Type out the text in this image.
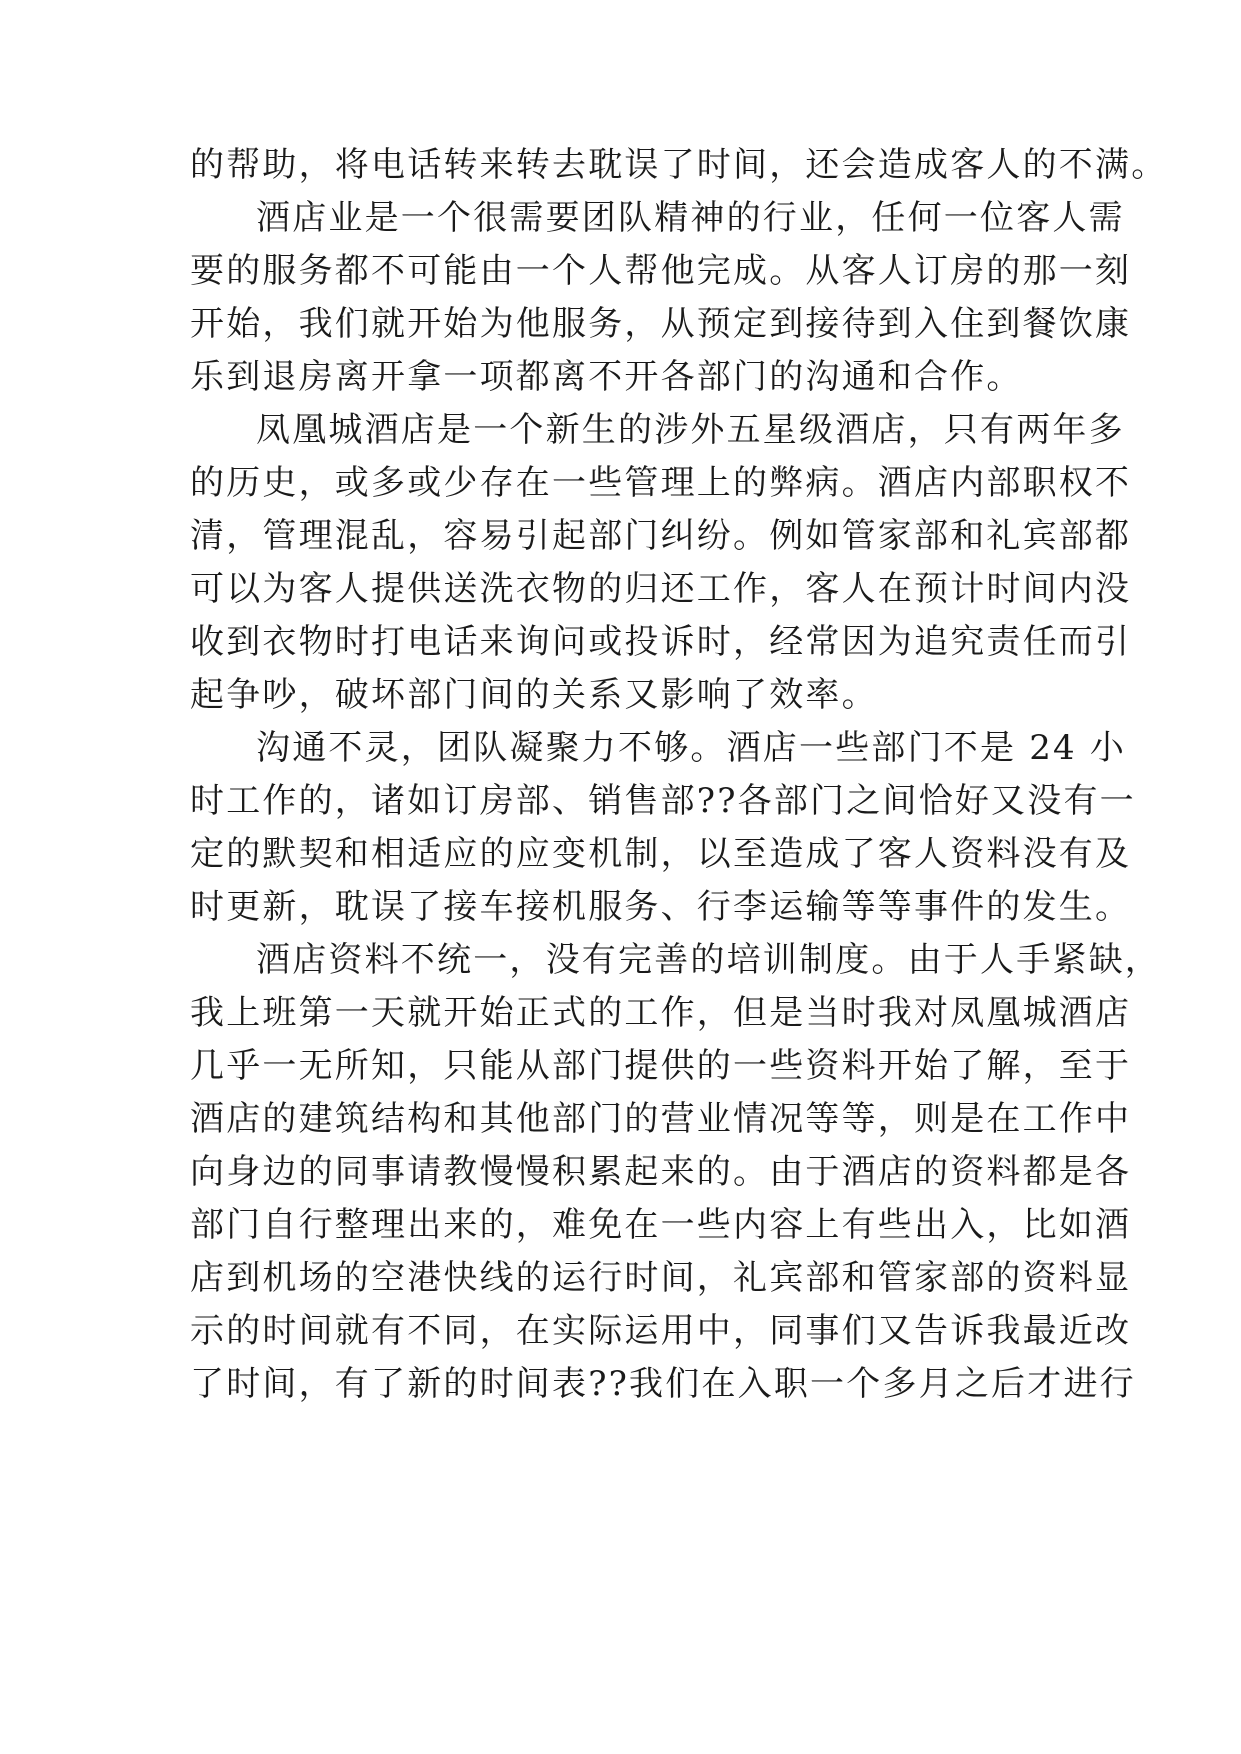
的帮助，将电话转来转去耽误了时间，还会造成客人的不满。
酒店业是一个很需要团队精神的行业，任何一位客人需
要的服务都不可能由一个人帮他完成。从客人订房的那一刻
开始，我们就开始为他服务，从预定到接待到入住到餐饮康
乐到退房离开拿一项都离不开各部门的沟通和合作。
凤凰城酒店是一个新生的涉外五星级酒店，只有两年多
的历史，或多或少存在一些管理上的弊病。酒店内部职权不
清，管理混乱，容易引起部门纠纷。例如管家部和礼宾部都
可以为客人提供送洗衣物的归还工作，客人在预计时间内没
收到衣物时打电话来询问或投诉时，经常因为追究责任而引
起争吵，破坏部门间的关系又影响了效率。
沟通不灵，团队凝聚力不够。酒店一些部门不是 24 小
时工作的，诸如订房部、销售部??各部门之间恰好又没有一
定的默契和相适应的应变机制，以至造成了客人资料没有及
时更新，耽误了接车接机服务、行李运输等等事件的发生。
酒店资料不统一，没有完善的培训制度。由于人手紧缺，
我上班第一天就开始正式的工作，但是当时我对凤凰城酒店
几乎一无所知，只能从部门提供的一些资料开始了解，至于
酒店的建筑结构和其他部门的营业情况等等，则是在工作中
向身边的同事请教慢慢积累起来的。由于酒店的资料都是各
部门自行整理出来的，难免在一些内容上有些出入，比如酒
店到机场的空港快线的运行时间，礼宾部和管家部的资料显
示的时间就有不同，在实际运用中，同事们又告诉我最近改
了时间，有了新的时间表??我们在入职一个多月之后才进行
